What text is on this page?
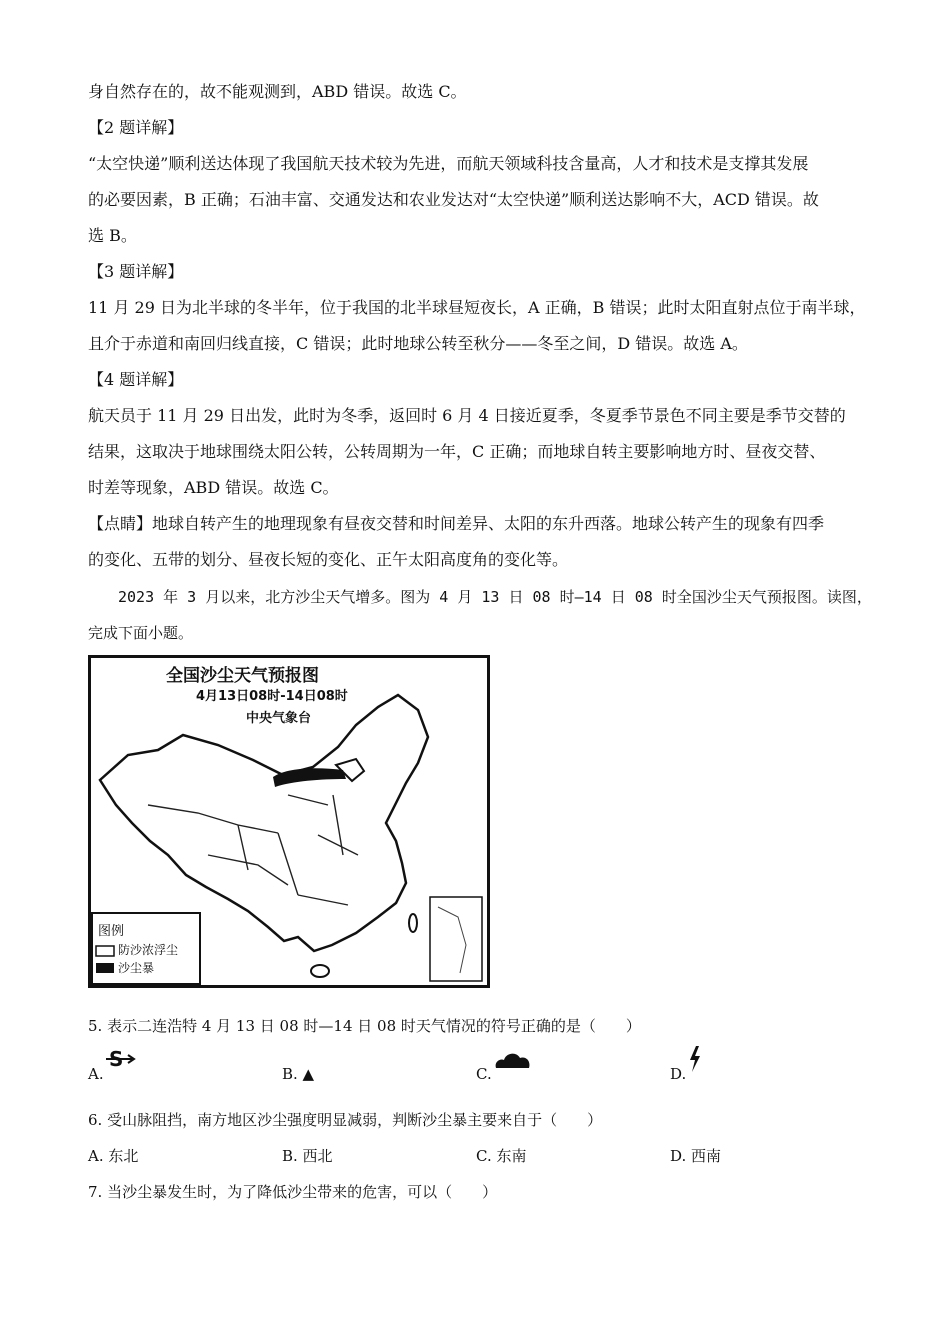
身自然存在的，故不能观测到，ABD 错误。故选 C。
【2 题详解】
“太空快递”顺利送达体现了我国航天技术较为先进，而航天领域科技含量高，人才和技术是支撑其发展
的必要因素，B 正确；石油丰富、交通发达和农业发达对“太空快递”顺利送达影响不大，ACD 错误。故
选 B。
【3 题详解】
11 月 29 日为北半球的冬半年，位于我国的北半球昼短夜长，A 正确，B 错误；此时太阳直射点位于南半球，
且介于赤道和南回归线直接，C 错误；此时地球公转至秋分——冬至之间，D 错误。故选 A。
【4 题详解】
航天员于 11 月 29 日出发，此时为冬季，返回时 6 月 4 日接近夏季，冬夏季节景色不同主要是季节交替的
结果，这取决于地球围绕太阳公转，公转周期为一年，C 正确；而地球自转主要影响地方时、昼夜交替、
时差等现象，ABD 错误。故选 C。
【点睛】地球自转产生的地理现象有昼夜交替和时间差异、太阳的东升西落。地球公转产生的现象有四季
的变化、五带的划分、昼夜长短的变化、正午太阳高度角的变化等。
2023 年 3 月以来，北方沙尘天气增多。图为 4 月 13 日 08 时—14 日 08 时全国沙尘天气预报图。读图，
完成下面小题。
全国沙尘天气预报图
4月13日08时-14日08时
中央气象台
图例
防沙浓浮尘
沙尘暴
5. 表示二连浩特 4 月 13 日 08 时—14 日 08 时天气情况的符号正确的是（　　）
A.
S
B. ▲	C.	D.
6. 受山脉阻挡，南方地区沙尘强度明显减弱，判断沙尘暴主要来自于（　　）
A. 东北	B. 西北	C. 东南	D. 西南
7. 当沙尘暴发生时，为了降低沙尘带来的危害，可以（　　）
